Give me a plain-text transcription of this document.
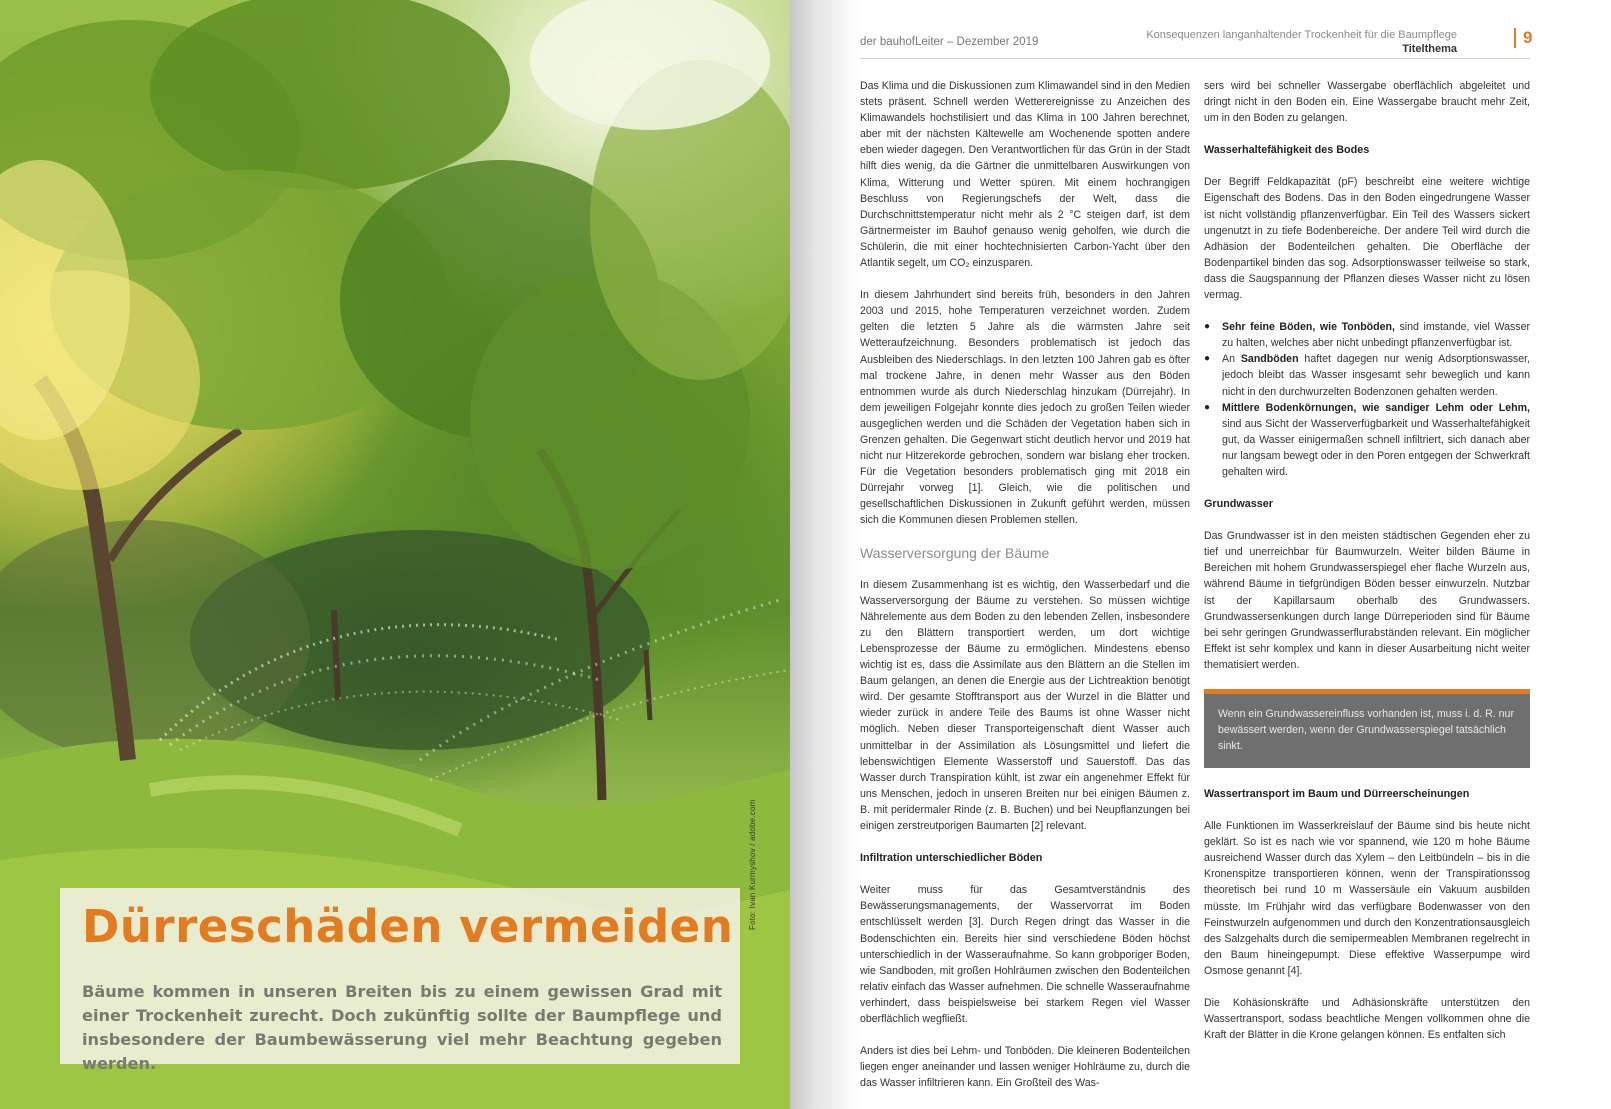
Foto: Ivan Kurmyshov / adobe.com
Dürreschäden vermeiden

Bäume kommen in unseren Breiten bis zu einem gewissen Grad mit einer Trockenheit zurecht. Doch zukünftig sollte der Baumpflege und insbesondere der Baumbewässerung viel mehr Beachtung gegeben werden.

der bauhofLeiter – Dezember 2019
Konsequenzen langanhaltender Trockenheit für die Baumpflege
Titelthema
9

Das Klima und die Diskussionen zum Klimawandel sind in den Medien stets präsent. Schnell werden Wetterereignisse zu Anzeichen des Klimawandels hochstilisiert und das Klima in 100 Jahren berechnet, aber mit der nächsten Kältewelle am Wochenende spotten andere eben wieder dagegen. Den Verantwortlichen für das Grün in der Stadt hilft dies wenig, da die Gärtner die unmittelbaren Auswirkungen von Klima, Witterung und Wetter spüren. Mit einem hochrangigen Beschluss von Regierungschefs der Welt, dass die Durchschnittstemperatur nicht mehr als 2 °C steigen darf, ist dem Gärtnermeister im Bauhof genauso wenig geholfen, wie durch die Schülerin, die mit einer hochtechnisierten Carbon-Yacht über den Atlantik segelt, um CO₂ einzusparen.

In diesem Jahrhundert sind bereits früh, besonders in den Jahren 2003 und 2015, hohe Temperaturen verzeichnet worden. Zudem gelten die letzten 5 Jahre als die wärmsten Jahre seit Wetteraufzeichnung. Besonders problematisch ist jedoch das Ausbleiben des Niederschlags. In den letzten 100 Jahren gab es öfter mal trockene Jahre, in denen mehr Wasser aus den Böden entnommen wurde als durch Niederschlag hinzukam (Dürrejahr). In dem jeweiligen Folgejahr konnte dies jedoch zu großen Teilen wieder ausgeglichen werden und die Schäden der Vegetation haben sich in Grenzen gehalten. Die Gegenwart sticht deutlich hervor und 2019 hat nicht nur Hitzerekorde gebrochen, sondern war bislang eher trocken. Für die Vegetation besonders problematisch ging mit 2018 ein Dürrejahr vorweg [1]. Gleich, wie die politischen und gesellschaftlichen Diskussionen in Zukunft geführt werden, müssen sich die Kommunen diesen Problemen stellen.

Wasserversorgung der Bäume

In diesem Zusammenhang ist es wichtig, den Wasserbedarf und die Wasserversorgung der Bäume zu verstehen. So müssen wichtige Nährelemente aus dem Boden zu den lebenden Zellen, insbesondere zu den Blättern transportiert werden, um dort wichtige Lebensprozesse der Bäume zu ermöglichen. Mindestens ebenso wichtig ist es, dass die Assimilate aus den Blättern an die Stellen im Baum gelangen, an denen die Energie aus der Lichtreaktion benötigt wird. Der gesamte Stofftransport aus der Wurzel in die Blätter und wieder zurück in andere Teile des Baums ist ohne Wasser nicht möglich. Neben dieser Transporteigenschaft dient Wasser auch unmittelbar in der Assimilation als Lösungsmittel und liefert die lebenswichtigen Elemente Wasserstoff und Sauerstoff. Das das Wasser durch Transpiration kühlt, ist zwar ein angenehmer Effekt für uns Menschen, jedoch in unseren Breiten nur bei einigen Bäumen z. B. mit peridermaler Rinde (z. B. Buchen) und bei Neupflanzungen bei einigen zerstreutporigen Baumarten [2] relevant.

Infiltration unterschiedlicher Böden

Weiter muss für das Gesamtverständnis des Bewässerungsmanagements, der Wasservorrat im Boden entschlüsselt werden [3]. Durch Regen dringt das Wasser in die Bodenschichten ein. Bereits hier sind verschiedene Böden höchst unterschiedlich in der Wasseraufnahme. So kann grobporiger Boden, wie Sandboden, mit großen Hohlräumen zwischen den Bodenteilchen relativ einfach das Wasser aufnehmen. Die schnelle Wasseraufnahme verhindert, dass beispielsweise bei starkem Regen viel Wasser oberflächlich wegfließt.

Anders ist dies bei Lehm- und Tonböden. Die kleineren Bodenteilchen liegen enger aneinander und lassen weniger Hohlräume zu, durch die das Wasser infiltrieren kann. Ein Großteil des Was-

sers wird bei schneller Wassergabe oberflächlich abgeleitet und dringt nicht in den Boden ein. Eine Wassergabe braucht mehr Zeit, um in den Boden zu gelangen.

Wasserhaltefähigkeit des Bodes

Der Begriff Feldkapazität (pF) beschreibt eine weitere wichtige Eigenschaft des Bodens. Das in den Boden eingedrungene Wasser ist nicht vollständig pflanzenverfügbar. Ein Teil des Wassers sickert ungenutzt in zu tiefe Bodenbereiche. Der andere Teil wird durch die Adhäsion der Bodenteilchen gehalten. Die Oberfläche der Bodenpartikel binden das sog. Adsorptionswasser teilweise so stark, dass die Saugspannung der Pflanzen dieses Wasser nicht zu lösen vermag.

● Sehr feine Böden, wie Tonböden, sind imstande, viel Wasser zu halten, welches aber nicht unbedingt pflanzenverfügbar ist.
● An Sandböden haftet dagegen nur wenig Adsorptionswasser, jedoch bleibt das Wasser insgesamt sehr beweglich und kann nicht in den durchwurzelten Bodenzonen gehalten werden.
● Mittlere Bodenkörnungen, wie sandiger Lehm oder Lehm, sind aus Sicht der Wasserverfügbarkeit und Wasserhaltefähigkeit gut, da Wasser einigermaßen schnell infiltriert, sich danach aber nur langsam bewegt oder in den Poren entgegen der Schwerkraft gehalten wird.
Grundwasser

Das Grundwasser ist in den meisten städtischen Gegenden eher zu tief und unerreichbar für Baumwurzeln. Weiter bilden Bäume in Bereichen mit hohem Grundwasserspiegel eher flache Wurzeln aus, während Bäume in tiefgründigen Böden besser einwurzeln. Nutzbar ist der Kapillarsaum oberhalb des Grundwassers. Grundwassersenkungen durch lange Dürreperioden sind für Bäume bei sehr geringen Grundwasserflurabständen relevant. Ein möglicher Effekt ist sehr komplex und kann in dieser Ausarbeitung nicht weiter thematisiert werden.

Wenn ein Grundwassereinfluss vorhanden ist, muss i. d. R. nur bewässert werden, wenn der Grundwasserspiegel tatsächlich sinkt.
Wassertransport im Baum und Dürreerscheinungen

Alle Funktionen im Wasserkreislauf der Bäume sind bis heute nicht geklärt. So ist es nach wie vor spannend, wie 120 m hohe Bäume ausreichend Wasser durch das Xylem – den Leitbündeln – bis in die Kronenspitze transportieren können, wenn der Transpirationssog theoretisch bei rund 10 m Wassersäule ein Vakuum ausbilden müsste. Im Frühjahr wird das verfügbare Bodenwasser von den Feinstwurzeln aufgenommen und durch den Konzentrationsausgleich des Salzgehalts durch die semipermeablen Membranen regelrecht in den Baum hineingepumpt. Diese effektive Wasserpumpe wird Osmose genannt [4].

Die Kohäsionskräfte und Adhäsionskräfte unterstützen den Wassertransport, sodass beachtliche Mengen vollkommen ohne die Kraft der Blätter in die Krone gelangen können. Es entfalten sich
